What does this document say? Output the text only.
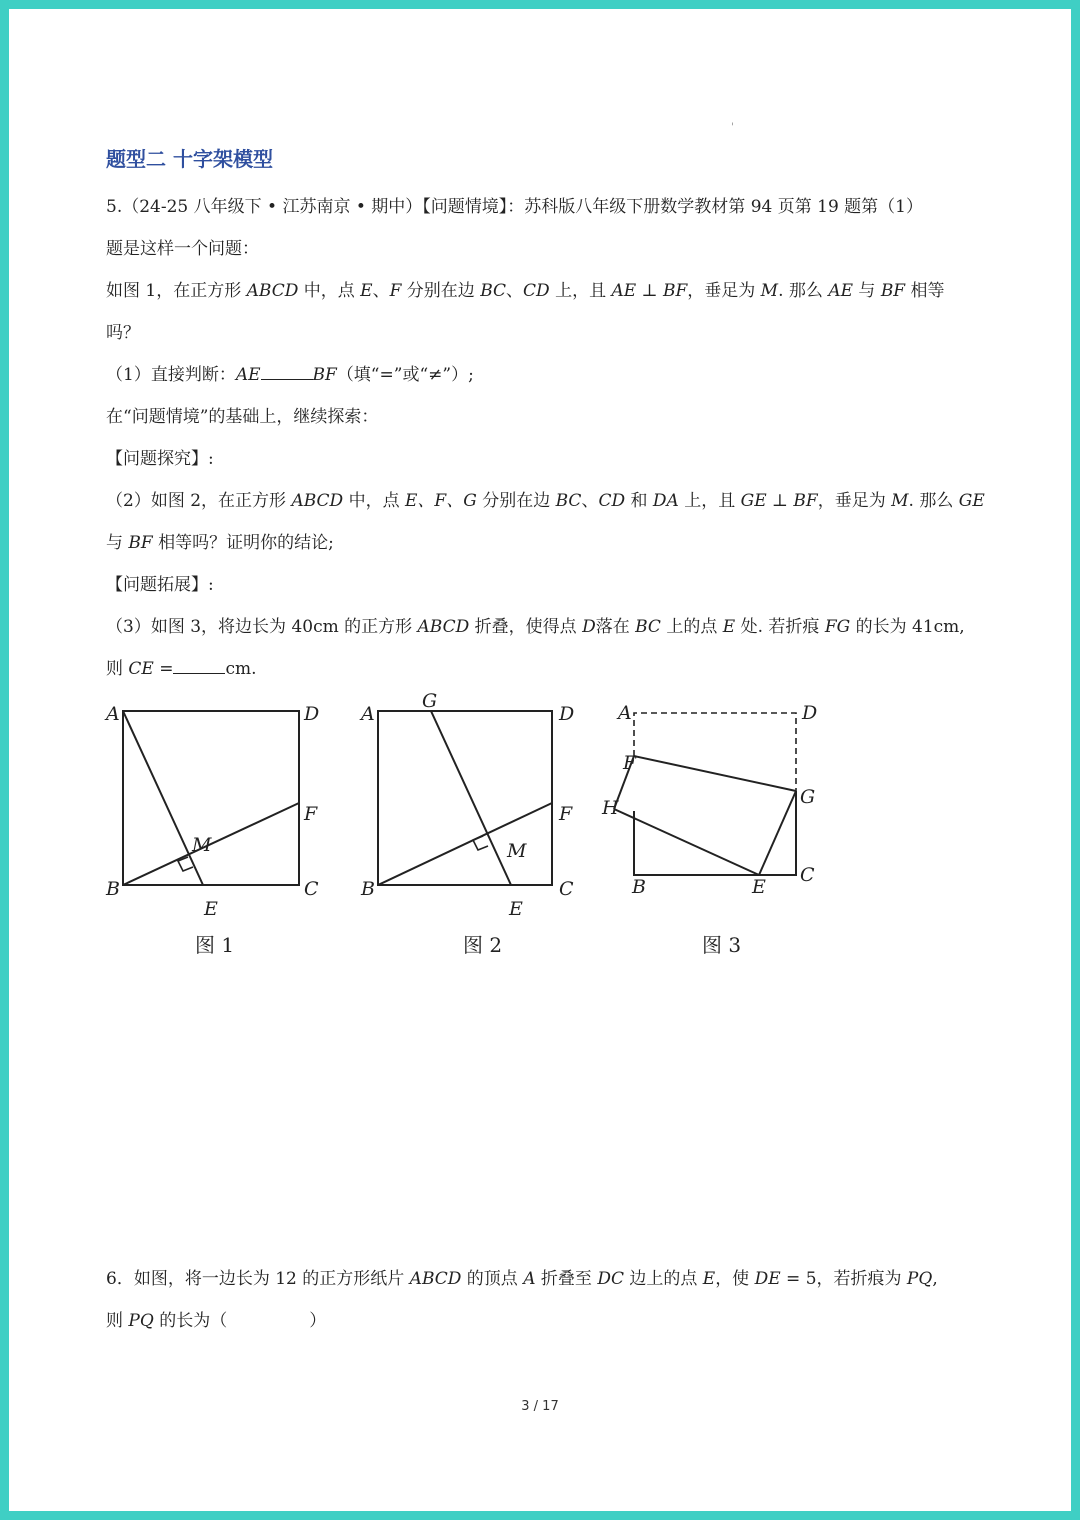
'
题型二 十字架模型
5.（24-25 八年级下 • 江苏南京 • 期中）【问题情境】：苏科版八年级下册数学教材第 94 页第 19 题第（1）
题是这样一个问题：
如图 1，在正方形 ABCD 中，点 E、F 分别在边 BC、CD 上，且 AE ⊥ BF，垂足为 M. 那么 AE 与 BF 相等
吗？
（1）直接判断：AE	BF（填“=”或“≠”）;
在“问题情境”的基础上，继续探索：
【问题探究】:
（2）如图 2，在正方形 ABCD 中，点 E、F、G 分别在边 BC、CD 和 DA 上，且 GE ⊥ BF，垂足为 M. 那么 GE
与 BF 相等吗？证明你的结论;
【问题拓展】:
（3）如图 3，将边长为 40cm 的正方形 ABCD 折叠，使得点 D落在 BC 上的点 E 处. 若折痕 FG 的长为 41cm,
则 CE =	cm.
A	D
B	C
E
F
M
图 1
A	D
G
B	C
E
F
M
图 2
A	D
F
H	G
B
C
E
图 3
6．如图，将一边长为 12 的正方形纸片 ABCD 的顶点 A 折叠至 DC 边上的点 E，使 DE = 5，若折痕为 PQ,
则 PQ 的长为（	）
3 / 17
